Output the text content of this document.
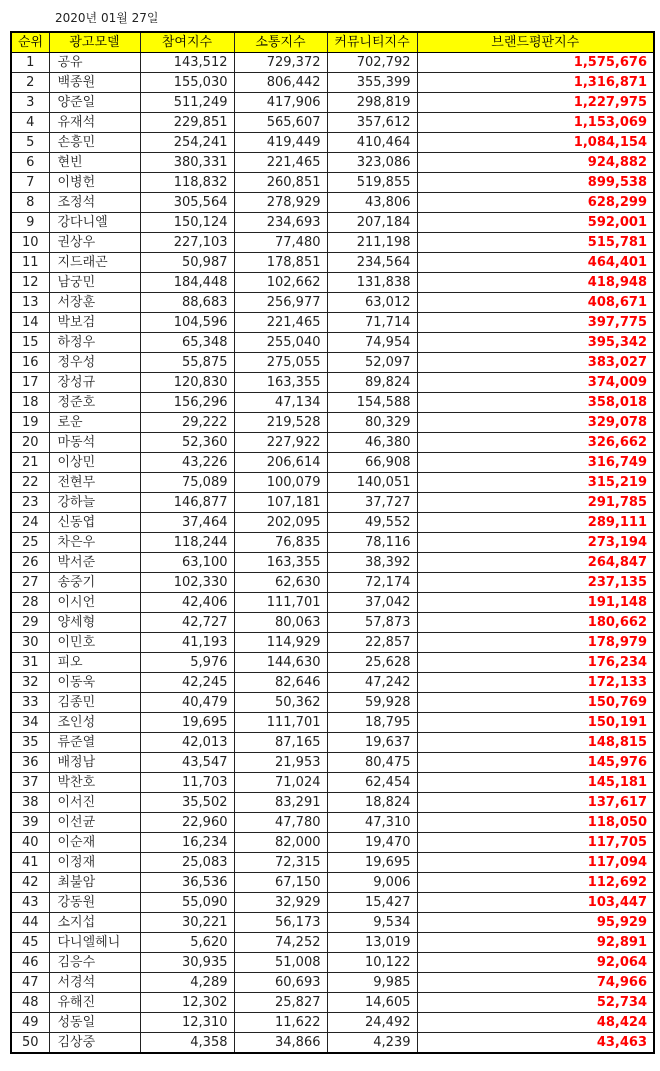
2020년 01월 27일
순위	광고모델	참여지수	소통지수	커뮤니티지수	브랜드평판지수
1	공유	143,512	729,372	702,792	1,575,676
2	백종원	155,030	806,442	355,399	1,316,871
3	양준일	511,249	417,906	298,819	1,227,975
4	유재석	229,851	565,607	357,612	1,153,069
5	손흥민	254,241	419,449	410,464	1,084,154
6	현빈	380,331	221,465	323,086	924,882
7	이병헌	118,832	260,851	519,855	899,538
8	조정석	305,564	278,929	43,806	628,299
9	강다니엘	150,124	234,693	207,184	592,001
10	권상우	227,103	77,480	211,198	515,781
11	지드래곤	50,987	178,851	234,564	464,401
12	남궁민	184,448	102,662	131,838	418,948
13	서장훈	88,683	256,977	63,012	408,671
14	박보검	104,596	221,465	71,714	397,775
15	하정우	65,348	255,040	74,954	395,342
16	정우성	55,875	275,055	52,097	383,027
17	장성규	120,830	163,355	89,824	374,009
18	정준호	156,296	47,134	154,588	358,018
19	로운	29,222	219,528	80,329	329,078
20	마동석	52,360	227,922	46,380	326,662
21	이상민	43,226	206,614	66,908	316,749
22	전현무	75,089	100,079	140,051	315,219
23	강하늘	146,877	107,181	37,727	291,785
24	신동엽	37,464	202,095	49,552	289,111
25	차은우	118,244	76,835	78,116	273,194
26	박서준	63,100	163,355	38,392	264,847
27	송중기	102,330	62,630	72,174	237,135
28	이시언	42,406	111,701	37,042	191,148
29	양세형	42,727	80,063	57,873	180,662
30	이민호	41,193	114,929	22,857	178,979
31	피오	5,976	144,630	25,628	176,234
32	이동욱	42,245	82,646	47,242	172,133
33	김종민	40,479	50,362	59,928	150,769
34	조인성	19,695	111,701	18,795	150,191
35	류준열	42,013	87,165	19,637	148,815
36	배정남	43,547	21,953	80,475	145,976
37	박찬호	11,703	71,024	62,454	145,181
38	이서진	35,502	83,291	18,824	137,617
39	이선균	22,960	47,780	47,310	118,050
40	이순재	16,234	82,000	19,470	117,705
41	이정재	25,083	72,315	19,695	117,094
42	최불암	36,536	67,150	9,006	112,692
43	강동원	55,090	32,929	15,427	103,447
44	소지섭	30,221	56,173	9,534	95,929
45	다니엘헤니	5,620	74,252	13,019	92,891
46	김응수	30,935	51,008	10,122	92,064
47	서경석	4,289	60,693	9,985	74,966
48	유해진	12,302	25,827	14,605	52,734
49	성동일	12,310	11,622	24,492	48,424
50	김상중	4,358	34,866	4,239	43,463
